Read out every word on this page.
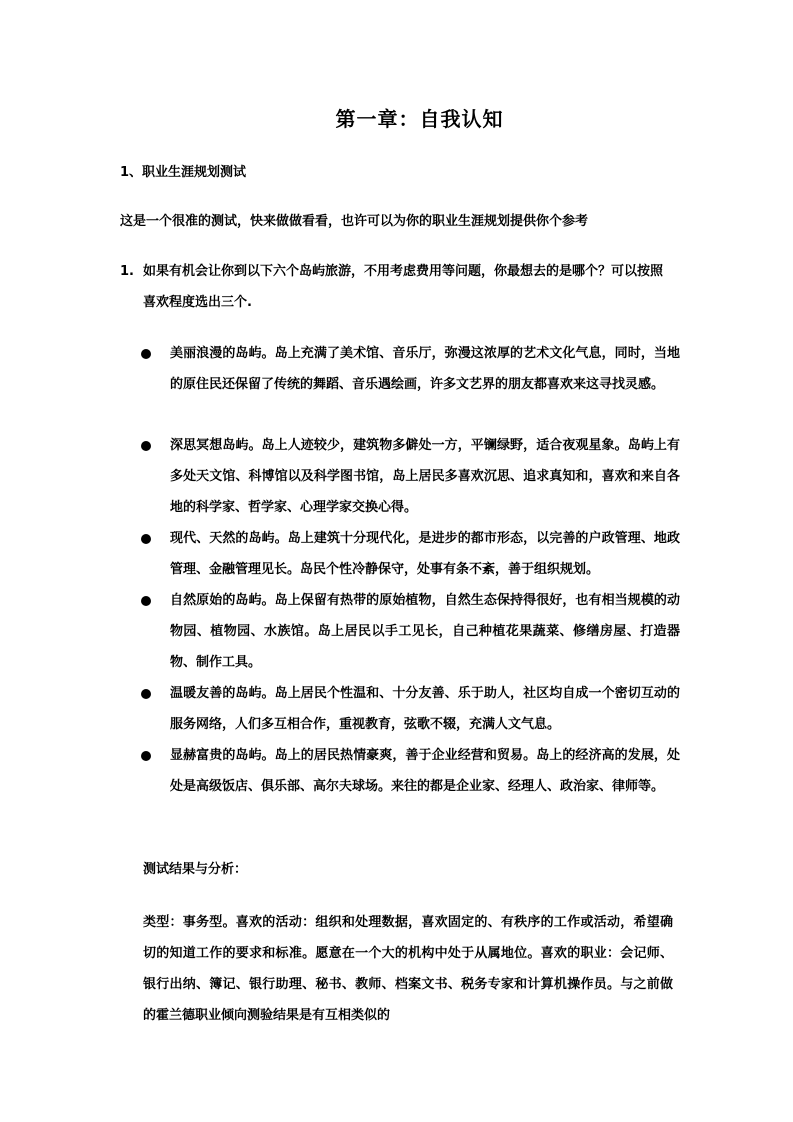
第一章：自我认知
1、职业生涯规划测试
这是一个很准的测试，快来做做看看，也许可以为你的职业生涯规划提供你个参考
1. 如果有机会让你到以下六个岛屿旅游，不用考虑费用等问题，你最想去的是哪个？可以按照喜欢程度选出三个.
美丽浪漫的岛屿。岛上充满了美术馆、音乐厅，弥漫这浓厚的艺术文化气息，同时，当地的原住民还保留了传统的舞蹈、音乐遇绘画，许多文艺界的朋友都喜欢来这寻找灵感。
深思冥想岛屿。岛上人迹较少，建筑物多僻处一方，平镧绿野，适合夜观星象。岛屿上有多处天文馆、科博馆以及科学图书馆，岛上居民多喜欢沉思、追求真知和，喜欢和来自各地的科学家、哲学家、心理学家交换心得。
现代、天然的岛屿。岛上建筑十分现代化，是进步的都市形态，以完善的户政管理、地政管理、金融管理见长。岛民个性冷静保守，处事有条不紊，善于组织规划。
自然原始的岛屿。岛上保留有热带的原始植物，自然生态保持得很好，也有相当规模的动物园、植物园、水族馆。岛上居民以手工见长，自己种植花果蔬菜、修缮房屋、打造器物、制作工具。
温暖友善的岛屿。岛上居民个性温和、十分友善、乐于助人，社区均自成一个密切互动的服务网络，人们多互相合作，重视教育，弦歌不辍，充满人文气息。
显赫富贵的岛屿。岛上的居民热情豪爽，善于企业经营和贸易。岛上的经济高的发展，处处是高级饭店、俱乐部、高尔夫球场。来往的都是企业家、经理人、政治家、律师等。
测试结果与分析：
类型：事务型。喜欢的活动：组织和处理数据，喜欢固定的、有秩序的工作或活动，希望确切的知道工作的要求和标准。愿意在一个大的机构中处于从属地位。喜欢的职业：会记师、银行出纳、簿记、银行助理、秘书、教师、档案文书、税务专家和计算机操作员。与之前做的霍兰德职业倾向测验结果是有互相类似的
